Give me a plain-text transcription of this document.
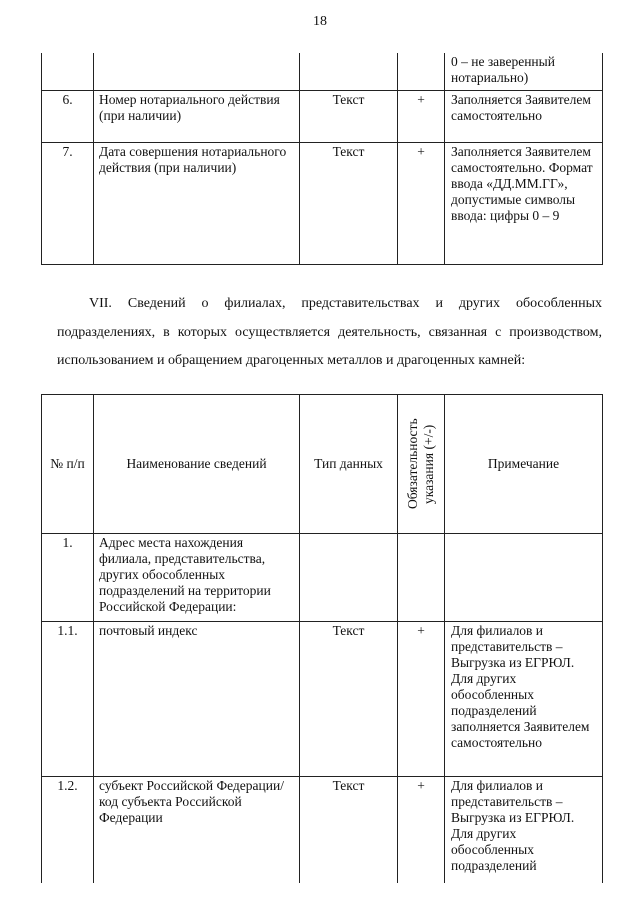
18
				0 – не заверенный нотариально)
6.	Номер нотариального действия (при наличии)	Текст	+	Заполняется Заявителем самостоятельно
7.	Дата совершения нотариального действия (при наличии)	Текст	+	Заполняется Заявителем самостоятельно. Формат ввода «ДД.ММ.ГГ», допустимые символы ввода: цифры 0 – 9
VII. Сведений о филиалах, представительствах и других обособленных подразделениях, в которых осуществляется деятельность, связанная с производством, использованием и обращением драгоценных металлов и драгоценных камней:
№ п/п	Наименование сведений	Тип данных	Обязательность указания (+/-)	Примечание
1.	Адрес места нахождения филиала, представительства, других обособленных подразделений на территории Российской Федерации:			
1.1.	почтовый индекс	Текст	+	Для филиалов и представительств – Выгрузка из ЕГРЮЛ. Для других обособленных подразделений заполняется Заявителем самостоятельно
1.2.	субъект Российской Федерации/код субъекта Российской Федерации	Текст	+	Для филиалов и представительств – Выгрузка из ЕГРЮЛ. Для других обособленных подразделений
